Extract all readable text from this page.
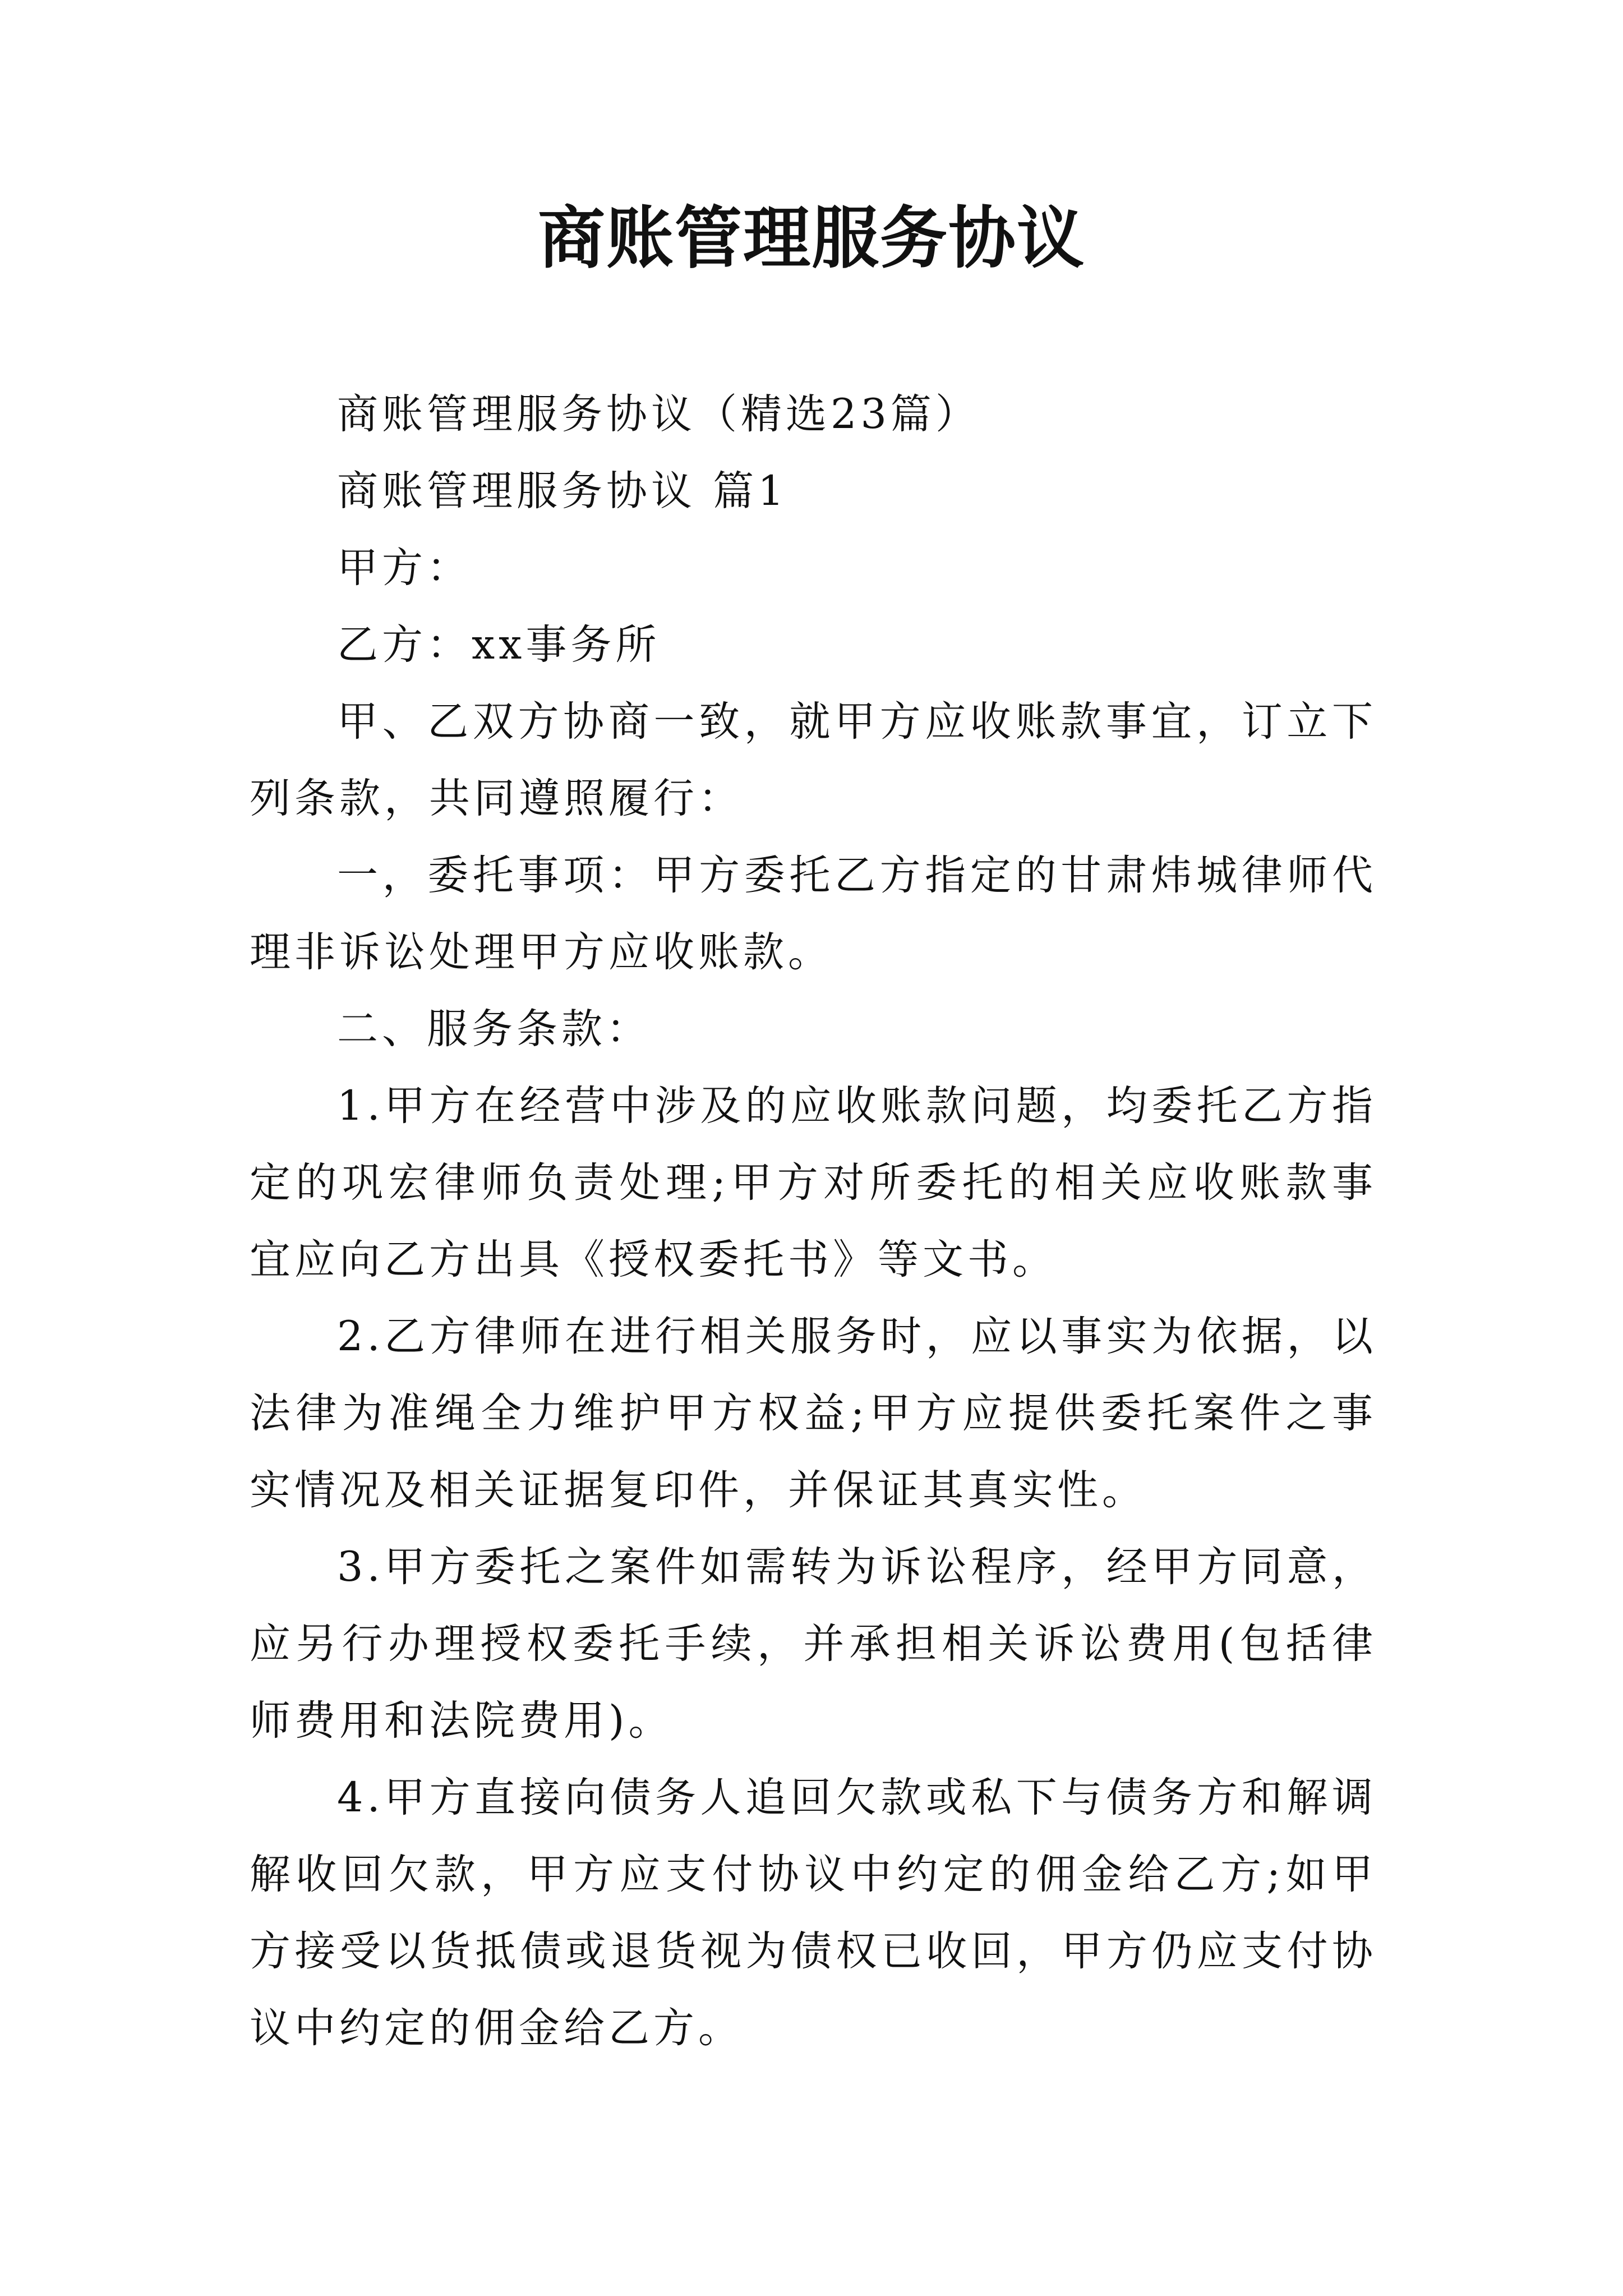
商账管理服务协议

商账管理服务协议（精选23篇）

商账管理服务协议 篇1

甲方：

乙方：xx事务所

甲、乙双方协商一致，就甲方应收账款事宜，订立下列条款，共同遵照履行：

一，委托事项：甲方委托乙方指定的甘肃炜城律师代理非诉讼处理甲方应收账款。

二、服务条款：

1.甲方在经营中涉及的应收账款问题，均委托乙方指定的巩宏律师负责处理;甲方对所委托的相关应收账款事宜应向乙方出具《授权委托书》等文书。

2.乙方律师在进行相关服务时，应以事实为依据，以法律为准绳全力维护甲方权益;甲方应提供委托案件之事实情况及相关证据复印件，并保证其真实性。

3.甲方委托之案件如需转为诉讼程序，经甲方同意，应另行办理授权委托手续，并承担相关诉讼费用(包括律师费用和法院费用)。

4.甲方直接向债务人追回欠款或私下与债务方和解调解收回欠款，甲方应支付协议中约定的佣金给乙方;如甲方接受以货抵债或退货视为债权已收回，甲方仍应支付协议中约定的佣金给乙方。
